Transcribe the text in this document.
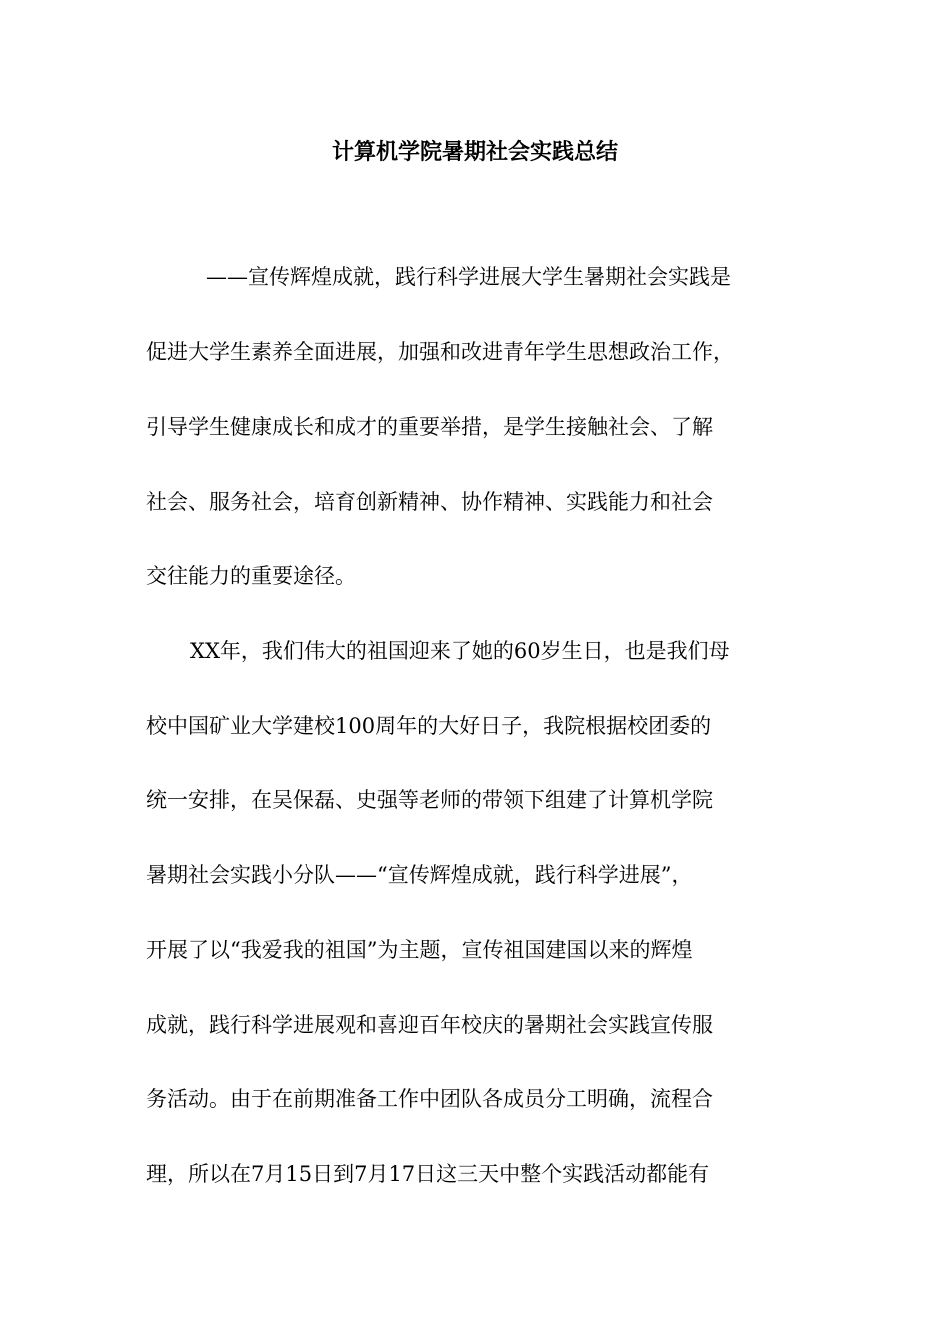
计算机学院暑期社会实践总结
——宣传辉煌成就，践行科学进展大学生暑期社会实践是
促进大学生素养全面进展，加强和改进青年学生思想政治工作，
引导学生健康成长和成才的重要举措，是学生接触社会、了解
社会、服务社会，培育创新精神、协作精神、实践能力和社会
交往能力的重要途径。
XX年，我们伟大的祖国迎来了她的60岁生日，也是我们母
校中国矿业大学建校100周年的大好日子，我院根据校团委的
统一安排，在吴保磊、史强等老师的带领下组建了计算机学院
暑期社会实践小分队——“宣传辉煌成就，践行科学进展”，
开展了以“我爱我的祖国”为主题，宣传祖国建国以来的辉煌
成就，践行科学进展观和喜迎百年校庆的暑期社会实践宣传服
务活动。由于在前期准备工作中团队各成员分工明确，流程合
理，所以在7月15日到7月17日这三天中整个实践活动都能有
